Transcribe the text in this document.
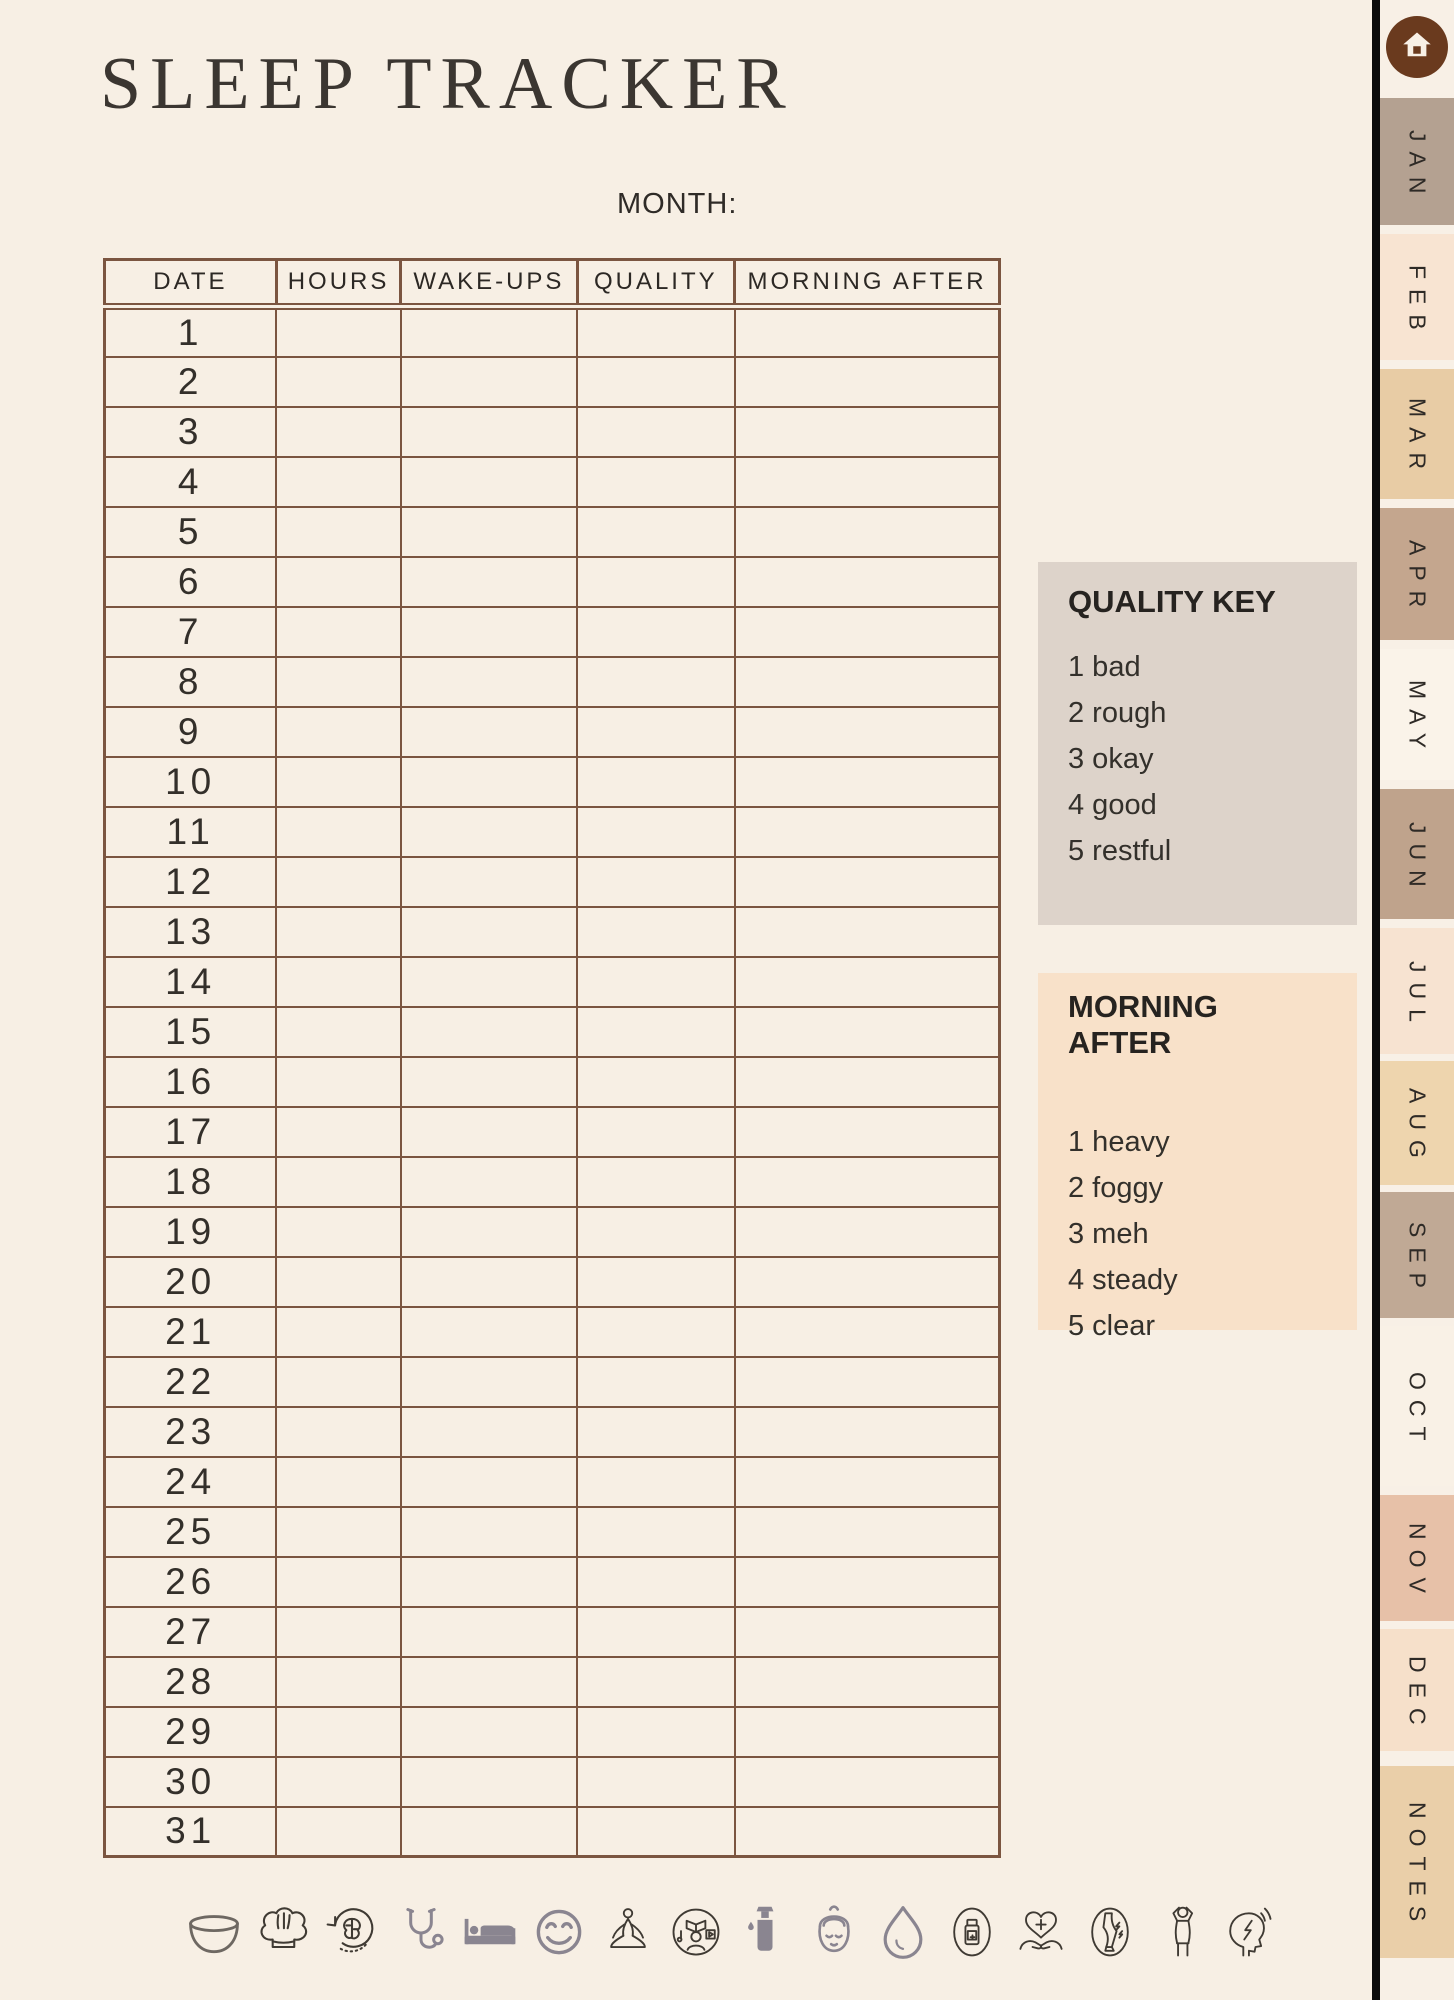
SLEEP TRACKER
MONTH:
DATE	HOURS	WAKE-UPS	QUALITY	MORNING AFTER
1				
2				
3				
4				
5				
6				
7				
8				
9				
10				
11				
12				
13				
14				
15				
16				
17				
18				
19				
20				
21				
22				
23				
24				
25				
26				
27				
28				
29				
30				
31				
QUALITY KEY
1 bad
2 rough
3 okay
4 good
5 restful
MORNING AFTER
1 heavy
2 foggy
3 meh
4 steady
5 clear
JAN
FEB
MAR
APR
MAY
JUN
JUL
AUG
SEP
OCT
NOV
DEC
NOTES
